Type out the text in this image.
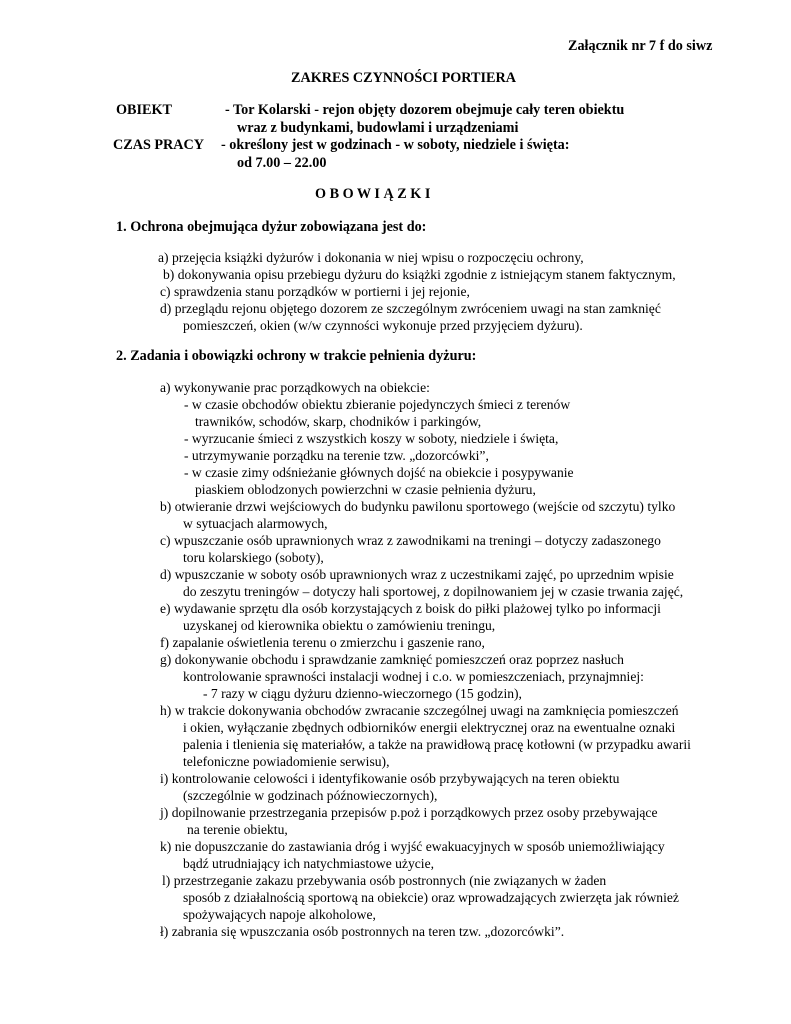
Załącznik nr 7 f do siwz
ZAKRES CZYNNOŚCI PORTIERA
OBIEKT	- Tor Kolarski - rejon objęty dozorem obejmuje cały teren obiektu
wraz z budynkami, budowlami i urządzeniami
CZAS PRACY - określony jest w godzinach - w soboty, niedziele i święta:
od 7.00 – 22.00
O B O W I Ą Z K I
1. Ochrona obejmująca dyżur zobowiązana jest do:
a) przejęcia książki dyżurów i dokonania w niej wpisu o rozpoczęciu ochrony,
b) dokonywania opisu przebiegu dyżuru do książki zgodnie z istniejącym stanem faktycznym,
c) sprawdzenia stanu porządków w portierni i jej rejonie,
d) przeglądu rejonu objętego dozorem ze szczególnym zwróceniem uwagi na stan zamknięć
pomieszczeń, okien (w/w czynności wykonuje przed przyjęciem dyżuru).
2. Zadania i obowiązki ochrony w trakcie pełnienia dyżuru:
a) wykonywanie prac porządkowych na obiekcie:
- w czasie obchodów obiektu zbieranie pojedynczych śmieci z terenów
trawników, schodów, skarp, chodników i parkingów,
- wyrzucanie śmieci z wszystkich koszy w soboty, niedziele i święta,
- utrzymywanie porządku na terenie tzw. „dozorcówki”,
- w czasie zimy odśnieżanie głównych dojść na obiekcie i posypywanie
piaskiem oblodzonych powierzchni w czasie pełnienia dyżuru,
b) otwieranie drzwi wejściowych do budynku pawilonu sportowego (wejście od szczytu) tylko
w sytuacjach alarmowych,
c) wpuszczanie osób uprawnionych wraz z zawodnikami na treningi – dotyczy zadaszonego
toru kolarskiego (soboty),
d) wpuszczanie w soboty osób uprawnionych wraz z uczestnikami zajęć, po uprzednim wpisie
do zeszytu treningów – dotyczy hali sportowej, z dopilnowaniem jej w czasie trwania zajęć,
e) wydawanie sprzętu dla osób korzystających z boisk do piłki plażowej tylko po informacji
uzyskanej od kierownika obiektu o zamówieniu treningu,
f) zapalanie oświetlenia terenu o zmierzchu i gaszenie rano,
g) dokonywanie obchodu i sprawdzanie zamknięć pomieszczeń oraz poprzez nasłuch
kontrolowanie sprawności instalacji wodnej i c.o. w pomieszczeniach, przynajmniej:
- 7 razy w ciągu dyżuru dzienno-wieczornego (15 godzin),
h) w trakcie dokonywania obchodów zwracanie szczególnej uwagi na zamknięcia pomieszczeń
i okien, wyłączanie zbędnych odbiorników energii elektrycznej oraz na ewentualne oznaki
palenia i tlenienia się materiałów, a także na prawidłową pracę kotłowni (w przypadku awarii
telefoniczne powiadomienie serwisu),
i) kontrolowanie celowości i identyfikowanie osób przybywających na teren obiektu
(szczególnie w godzinach późnowieczornych),
j) dopilnowanie przestrzegania przepisów p.poż i porządkowych przez osoby przebywające
na terenie obiektu,
k) nie dopuszczanie do zastawiania dróg i wyjść ewakuacyjnych w sposób uniemożliwiający
bądź utrudniający ich natychmiastowe użycie,
l) przestrzeganie zakazu przebywania osób postronnych (nie związanych w żaden
sposób z działalnością sportową na obiekcie) oraz wprowadzających zwierzęta jak również
spożywających napoje alkoholowe,
ł) zabrania się wpuszczania osób postronnych na teren tzw. „dozorcówki”.
